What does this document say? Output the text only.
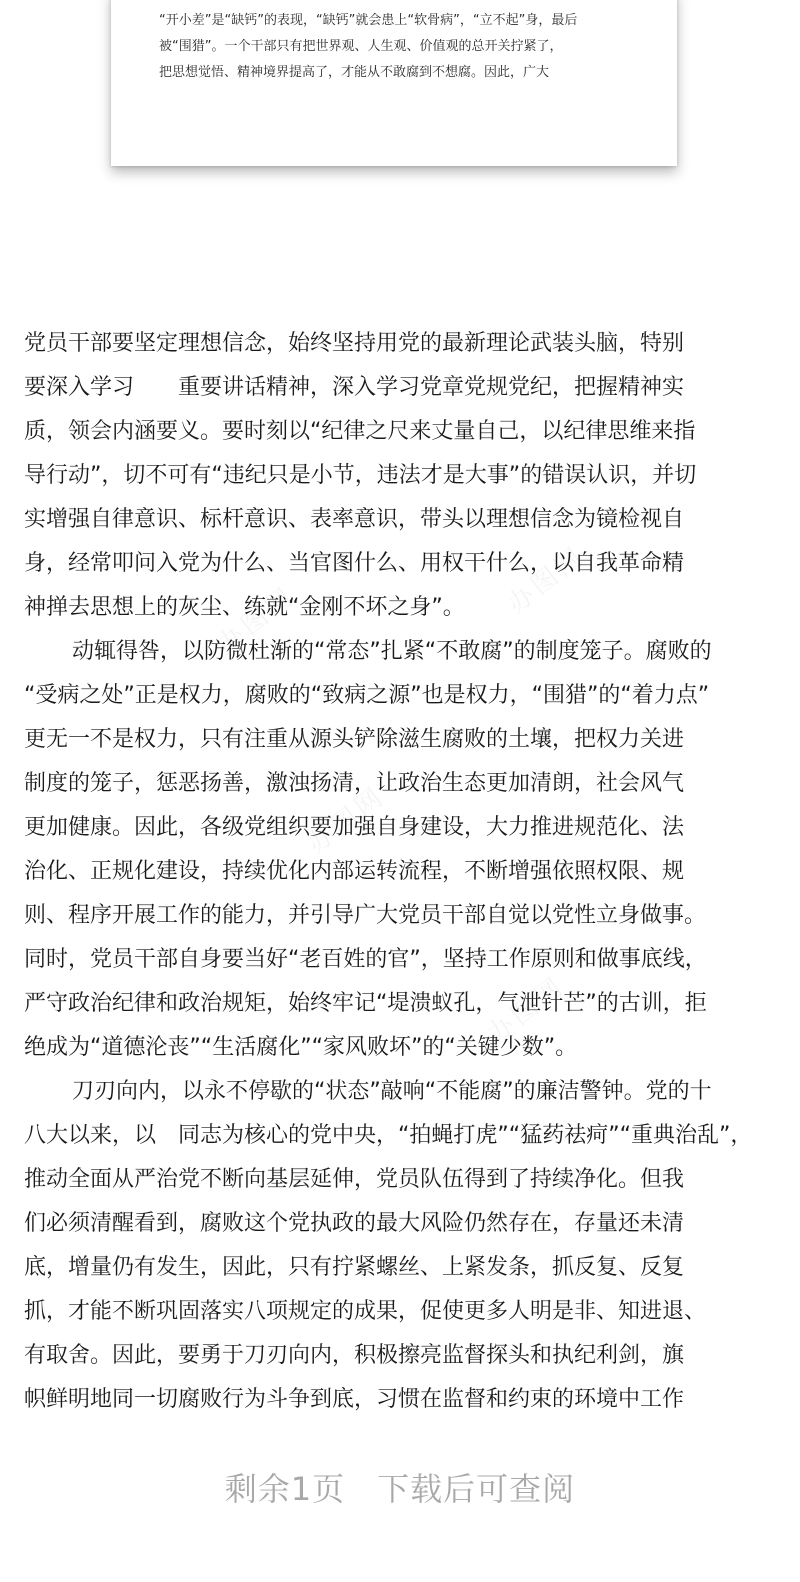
“开小差”是“缺钙”的表现，“缺钙”就会患上“软骨病”，“立不起”身，最后
被“围猎”。一个干部只有把世界观、人生观、价值观的总开关拧紧了，
把思想觉悟、精神境界提高了，才能从不敢腐到不想腐。因此，广大
党员干部要坚定理想信念，始终坚持用党的最新理论武装头脑，特别
要深入学习　　重要讲话精神，深入学习党章党规党纪，把握精神实
质，领会内涵要义。要时刻以“纪律之尺来丈量自己，以纪律思维来指
导行动”，切不可有“违纪只是小节，违法才是大事”的错误认识，并切
实增强自律意识、标杆意识、表率意识，带头以理想信念为镜检视自
身，经常叩问入党为什么、当官图什么、用权干什么，以自我革命精
神掸去思想上的灰尘、练就“金刚不坏之身”。
动辄得咎，以防微杜渐的“常态”扎紧“不敢腐”的制度笼子。腐败的
“受病之处”正是权力，腐败的“致病之源”也是权力，“围猎”的“着力点”
更无一不是权力，只有注重从源头铲除滋生腐败的土壤，把权力关进
制度的笼子，惩恶扬善，激浊扬清，让政治生态更加清朗，社会风气
更加健康。因此，各级党组织要加强自身建设，大力推进规范化、法
治化、正规化建设，持续优化内部运转流程，不断增强依照权限、规
则、程序开展工作的能力，并引导广大党员干部自觉以党性立身做事。
同时，党员干部自身要当好“老百姓的官”，坚持工作原则和做事底线，
严守政治纪律和政治规矩，始终牢记“堤溃蚁孔，气泄针芒”的古训，拒
绝成为“道德沦丧”“生活腐化”“家风败坏”的“关键少数”。
刀刃向内，以永不停歇的“状态”敲响“不能腐”的廉洁警钟。党的十
八大以来，以　同志为核心的党中央，“拍蝇打虎”“猛药祛疴”“重典治乱”，
推动全面从严治党不断向基层延伸，党员队伍得到了持续净化。但我
们必须清醒看到，腐败这个党执政的最大风险仍然存在，存量还未清
底，增量仍有发生，因此，只有拧紧螺丝、上紧发条，抓反复、反复
抓，才能不断巩固落实八项规定的成果，促使更多人明是非、知进退、
有取舍。因此，要勇于刀刃向内，积极擦亮监督探头和执纪利剑，旗
帜鲜明地同一切腐败行为斗争到底，习惯在监督和约束的环境中工作
剩余1页 下载后可查阅
